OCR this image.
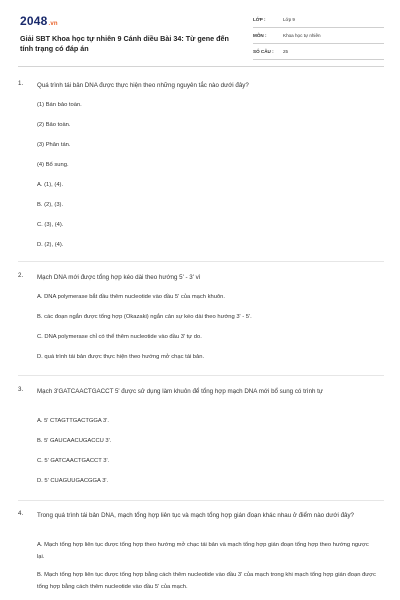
2048.vn
Giải SBT Khoa học tự nhiên 9 Cánh diều Bài 34: Từ gene đến tính trạng có đáp án
LỚP :	Lớp 9
MÔN :	Khoa học tự nhiên
SỐ CÂU : 25
1. Quá trình tái bản DNA được thực hiện theo những nguyên tắc nào dưới đây?
(1) Bán bảo toàn.
(2) Bảo toàn.
(3) Phân tán.
(4) Bổ sung.
A. (1), (4).
B. (2), (3).
C. (3), (4).
D. (2), (4).
2. Mạch DNA mới được tổng hợp kéo dài theo hướng 5' - 3' vì
A. DNA polymerase bắt đầu thêm nucleotide vào đầu 5' của mạch khuôn.
B. các đoạn ngắn được tổng hợp (Okazaki) ngắn cản sự kéo dài theo hướng 3' - 5'.
C. DNA polymerase chỉ có thể thêm nucleotide vào đầu 3' tự do.
D. quá trình tái bản được thực hiện theo hướng mở chạc tái bản.
3. Mạch 3'GATCAACTGACCT 5' được sử dụng làm khuôn để tổng hợp mạch DNA mới bổ sung có trình tự
A. 5' CTAGTTGACTGGA 3'.
B. 5' GAUCAACUGACCU 3'.
C. 5' GATCAACTGACCT 3'.
D. 5' CUAGUUGACGGA 3'.
4. Trong quá trình tái bản DNA, mạch tổng hợp liên tục và mạch tổng hợp gián đoạn khác nhau ở điểm nào dưới đây?
A. Mạch tổng hợp liên tục được tổng hợp theo hướng mở chạc tái bản và mạch tổng hợp gián đoạn tổng hợp theo hướng ngược lại.
B. Mạch tổng hợp liên tục được tổng hợp bằng cách thêm nucleotide vào đầu 3' của mạch trong khi mạch tổng hợp gián đoạn được tổng hợp bằng cách thêm nucleotide vào đầu 5' của mạch.
